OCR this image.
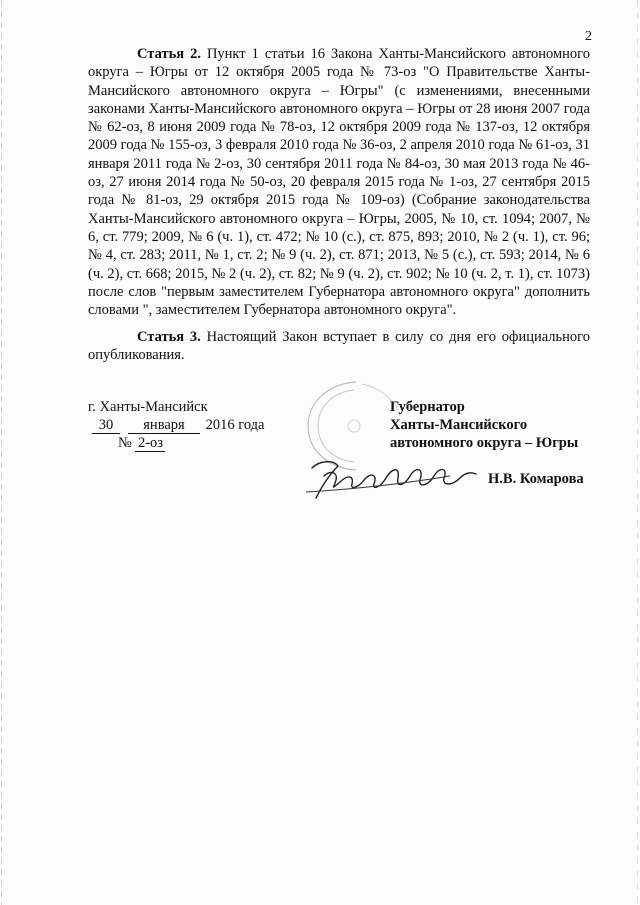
2

Статья 2. Пункт 1 статьи 16 Закона Ханты-Мансийского автономного округа – Югры от 12 октября 2005 года № 73-оз "О Правительстве Ханты-Мансийского автономного округа – Югры" (с изменениями, внесенными законами Ханты-Мансийского автономного округа – Югры от 28 июня 2007 года № 62-оз, 8 июня 2009 года № 78-оз, 12 октября 2009 года № 137-оз, 12 октября 2009 года № 155-оз, 3 февраля 2010 года № 36-оз, 2 апреля 2010 года № 61-оз, 31 января 2011 года № 2-оз, 30 сентября 2011 года № 84-оз, 30 мая 2013 года № 46-оз, 27 июня 2014 года № 50-оз, 20 февраля 2015 года № 1-оз, 27 сентября 2015 года № 81-оз, 29 октября 2015 года № 109-оз) (Собрание законодательства Ханты-Мансийского автономного округа – Югры, 2005, № 10, ст. 1094; 2007, № 6, ст. 779; 2009, № 6 (ч. 1), ст. 472; № 10 (с.), ст. 875, 893; 2010, № 2 (ч. 1), ст. 96; № 4, ст. 283; 2011, № 1, ст. 2; № 9 (ч. 2), ст. 871; 2013, № 5 (с.), ст. 593; 2014, № 6 (ч. 2), ст. 668; 2015, № 2 (ч. 2), ст. 82; № 9 (ч. 2), ст. 902; № 10 (ч. 2, т. 1), ст. 1073) после слов "первым заместителем Губернатора автономного округа" дополнить словами ", заместителем Губернатора автономного округа".

Статья 3. Настоящий Закон вступает в силу со дня его официального опубликования.

г. Ханты-Мансийск
30 января 2016 года
№ 2-оз
Губернатор
Ханты-Мансийского
автономного округа – Югры
Н.В. Комарова
